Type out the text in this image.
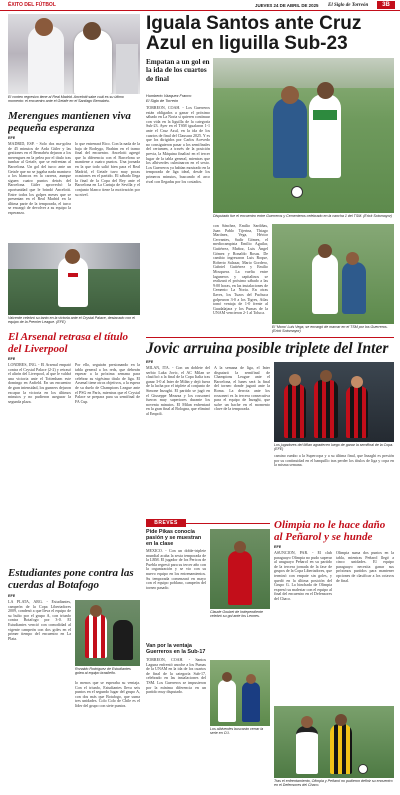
ÉXITO DEL FÚTBOL	JUEVES 24 DE ABRIL DE 2025 El Siglo de Torreón	3B
El conteo regresivo tiene al Real Madrid. Ancelotti sabe cuál es su último momento: el encuentro ante el Getafe en el Santiago Bernabéu.
Merengues mantienen viva pequeña esperanza
EFE
MADRID, ESP. - Solo dos ma-golea de 45 minutos de Arda Güler y las gestiones en el Bernabéu dejaron a los merengues en la pelea por el título tras tumbar al Getafe, que se enfrentan al Barcelona. Un gol del turco ante un Getafe que no se jugaba nada mantuvo a los blancos en la carrera, aunque siguen cuatro puntos detrás del Barcelona. Güler aprovechó la oportunidad que le brindó Ancelotti. Entre todos los golpes meses que se presentan en el Real Madrid en la última parte de la temporada, el turco se encargó de devolver a su equipo la esperanza.
lo que entrenará Rico. Con la nada de la baja de Rodrygo, Brahim en el tramo final del encuentro. Ancelotti agregó que la diferencia con el Barcelona se mantiene a cuatro puntos. Una jornada en la que todo salió bien para el Real Madrid, el Getafe tuvo muy pocas ocasiones en el partido. El sábado llega la final de la Copa del Rey ante el Barcelona en La Cartuja de Sevilla y el conjunto blanco tiene la motivación por su nivel.
Valverde celebró su tanto en la victoria ante el Crystal Palace, destacado con el equipo de la Premier League. (EFE)
El Arsenal retrasa el título del Liverpool
EFE
LONDRES, ING. - El Arsenal empató contra el Crystal Palace (2-2) y retrasó el alirón del Liverpool, al que le valdrá una victoria ante el Tottenham este domingo en Anfield. En un encuentro de gran intensidad, los gunners dejaron escapar la victoria en los últimos minutos y no pudieron asegurar la segunda plaza.
Por ello, seguirán presionando en la tabla general a los reds, que deberán esperar a la próxima semana para celebrar su vigésimo título de liga. El Arsenal tiene otros objetivos, a la espera de su duelo de Champions League ante el PSG en París, mientras que el Crystal Palace se prepara para su semifinal de FA Cup.
Estudiantes pone contra las cuerdas al Botafogo
EFE
LA PLATA, ARG. - Estudiantes, campeón de la Copa Libertadores 2009, condenó a que lleva el equipo de su bulto por el grupo A, con triunfo contra Botafogo por 3-0. El Estudiantes venció con comodidad al vigente campeón con dos goles en el primer tiempo del encuentro en La Plata.
Ronaldo Rodríguez de Estudiantes golea al equipo brasileño.
lo menos que se esperaba su ventaja. Con el triunfo, Estudiantes lleva seis puntos en el segundo lugar del grupo A, con dos más que Botafogo, que suma tres unidades. Colo Colo de Chile es el líder del grupo con siete puntos.
Iguala Santos ante Cruz Azul en liguilla Sub-23
Empatan a un gol en la ida de los cuartos de final
Humberto Vázquez Franco
El Siglo de Torreón
TORREÓN, COAH. - Los Guerreros están obligados a ganar el próximo sábado en La Noria si quieren continuar con vida en la liguilla de la categoría Sub-23. Ayer en el TSM igualaron 1-1 ante el Cruz Azul, en la ida de los cuartos de final del Clausura 2025. Y es que los dirigidos por Carlos Acevedo no consiguieron pasar a los semifinales del certamen, a través de la posición previa, la Máquina finalizó en el tercer lugar de la tabla general, mientras que los albiverdes culminaron en el sexto. Los Guerreros ya habían mostrado en la temporada de liga ideal, desde los primeros minutos, buscando el arco rival con llegadas por los costados.
Disputado fue el encuentro entre Guerreros y Cementeros celebrado en la cancha 1 del TSM. (Erick Sotomayor)
con Sánchez, Emilio Sardiñas, Juan Pablo Tijerina, Thiago Martínez, Vega, Héctor Cervantes, Sadir Gómez, el mediocampista Emilio Aguilar, Gutiérrez, Muñoz, Luis Ángel Gómez y Ronaldo Rosas. De cambio ingresaron Luis Roque, Roberto Salazar, Mario Gordero, Gabriel Gutiérrez y Emilio Mosquera. La vuelta entre laguneros y capitalinos se realizará el próximo sábado a las 9:00 horas, en las instalaciones de Cemento La Noria. En otras llaves, los Tuzos del Pachuca golpearon 3-0 a los Tigres, Atlas tomó ventaja de 1-0 frente al Guadalajara y los Pumas de la UNAM vencieron 2-1 al Toluca.
El 'Mono' Luis Vega, se encargó de marcar en el TSM por los Guerreros. (Erick Sotomayor)
Jovic arruina posible triplete del Inter
EFE
MILÁN, ITA. - Con un doblete del serbio Luka Jovic, el AC Milan se clasificó a la final de la Copa Italia tras ganar 3-0 al Inter de Milán y dejó fuera de la lucha por el triplete al conjunto de Simone Inzaghi. El partido se jugó en el Giuseppe Meazza y los rossoneri fueron muy superiores durante los noventa minutos. El Milan enfrentará en la gran final al Bologna, que eliminó al Empoli.
A la semana de liga, el Inter disputará la semifinal de Champions League ante el Barcelona, el lunes será la final del torneo donde jugará ante la Roma. La derrota ante los rossoneri es la tercera consecutiva para el equipo de Inzaghi, que sufre un bache en el momento clave de la temporada.
Los jugadores del Milan agradecen luego de ganar la semifinal de la Copa. (EFE)
camino rumbo a la Supercopa y a su última final, que Inzaghi es presión por su continuidad en el banquillo tras perder los títulos de liga y copa en la misma semana.
BREVES
Pide Pikas conocía pasión y se muestran en la clase
MÉXICO. - Con un doble-triplete mundial acaba la sexta temporada de la LBM. El jugador de los Pericos de Puebla regresó para su tercer año con la organización y se vio con su nuevo equipo en los entrenamientos. Su temporada comenzará en mayo con el equipo poblano, campeón del torneo pasado.
Claude Goubet de Independiente celebró su gol ante los Leones.
Van por la ventaja Guerreros en la Sub-17
TORREÓN, COAH. - Santos Laguna enfrentó anoche a los Pumas de la UNAM en la ida de los cuartos de final de la categoría Sub-17, celebrado en las instalaciones del TSM. Los Guerreros se impusieron por la mínima diferencia en un partido muy disputado.
Los albiverdes buscarán cerrar la serie en CU.
Olimpia no le hace daño al Peñarol y se hunde
EFE
ASUNCIÓN, PAR. - El club paraguayo Olimpia no pudo superar al uruguayo Peñarol en su partido de la tercera jornada de la fase de grupos de la Copa Libertadores, que terminó con empate sin goles, y quedó en la última posición del Grupo G. La hinchada de Olimpia expresó su malestar con el equipo al final del encuentro en el Defensores del Chaco.
Olimpia suma dos puntos en la tabla, mientras Peñarol llegó a cinco unidades. El equipo paraguayo necesita ganar sus próximos partidos para mantener opciones de clasificar a los octavos de final.
Tras el enfrentamiento, Olimpia y Peñarol no pudieron definir su encuentro en el Defensores del Chaco.
